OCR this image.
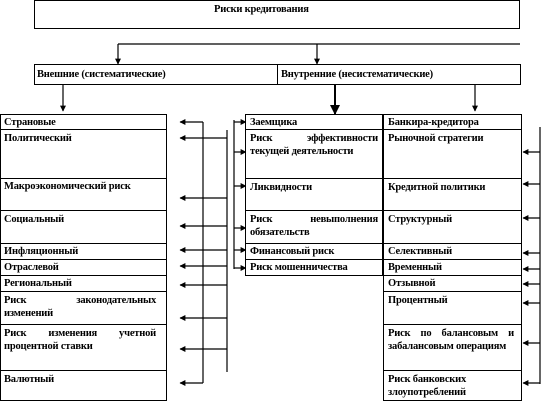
Риски кредитования
Внешние (систематические)	Внутренние (несистематические)
Страновые
Политический
Макроэкономический риск
Социальный
Инфляционный
Отраслевой
Региональный
Риск законодательных изменений
Риск изменения учетной процентной ставки
Валютный
Заемщика
Риск эффективности текущей деятельности
Ликвидности
Риск невыполнения обязательств
Финансовый риск
Риск мошенничества
Банкира-кредитора
Рыночной стратегии
Кредитной политики
Структурный
Селективный
Временный
Отзывной
Процентный
Риск по балансовым и забалансовым операциям
Риск банковских злоупотреблений
